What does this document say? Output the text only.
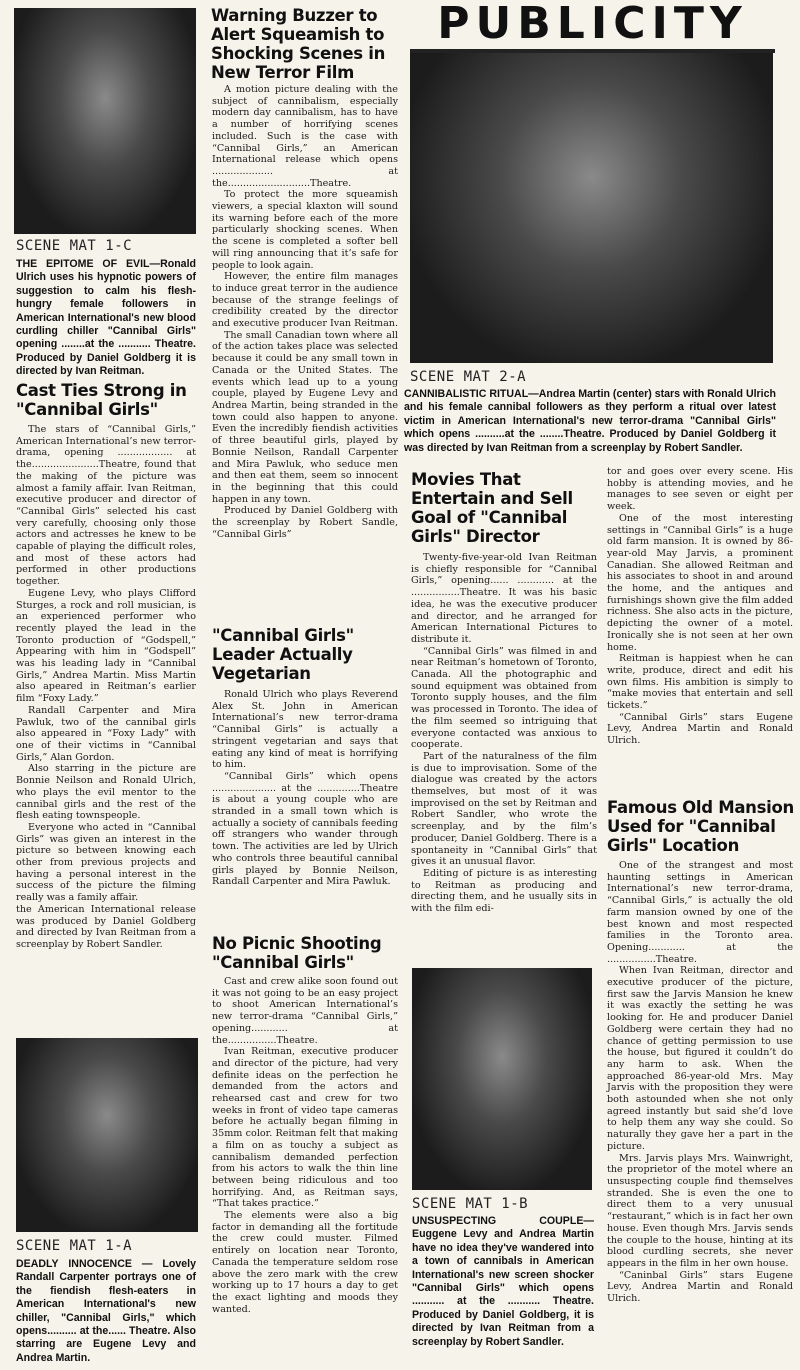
SCENE MAT 1-C
THE EPITOME OF EVIL—Ronald Ulrich uses his hypnotic powers of suggestion to calm his flesh-hungry female followers in American International's new blood curdling chiller "Cannibal Girls" opening ........at the ........... Theatre. Produced by Daniel Goldberg it is directed by Ivan Reitman.
Cast Ties Strong in "Cannibal Girls"

The stars of “Cannibal Girls,” American International’s new terror-drama, opening .................. at the......................Theatre, found that the making of the picture was almost a family affair. Ivan Reitman, executive producer and director of “Cannibal Girls” selected his cast very carefully, choosing only those actors and actresses he knew to be capable of playing the difficult roles, and most of these actors had performed in other productions together.

Eugene Levy, who plays Clifford Sturges, a rock and roll musician, is an experienced performer who recently played the lead in the Toronto production of “Godspell,” Appearing with him in “Godspell” was his leading lady in “Cannibal Girls,” Andrea Martin. Miss Martin also apeared in Reitman’s earlier film “Foxy Lady.”

Randall Carpenter and Mira Pawluk, two of the cannibal girls also appeared in “Foxy Lady” with one of their victims in “Cannibal Girls,” Alan Gordon.

Also starring in the picture are Bonnie Neilson and Ronald Ulrich, who plays the evil mentor to the cannibal girls and the rest of the flesh eating townspeople.

Everyone who acted in “Cannibal Girls” was given an interest in the picture so between knowing each other from previous projects and having a personal interest in the success of the picture the filming really was a family affair.

the American International release was produced by Daniel Goldberg and directed by Ivan Reitman from a screenplay by Robert Sandler.

SCENE MAT 1-A
DEADLY INNOCENCE — Lovely Randall Carpenter portrays one of the fiendish flesh-eaters in American International's new chiller, "Cannibal Girls," which opens.......... at the...... Theatre. Also starring are Eugene Levy and Andrea Martin.
Warning Buzzer to Alert Squeamish to Shocking Scenes in New Terror Film

A motion picture dealing with the subject of cannibalism, especially modern day cannibalism, has to have a number of horrifying scenes included. Such is the case with “Cannibal Girls,” an American International release which opens .................... at the...........................Theatre.

To protect the more squeamish viewers, a special klaxton will sound its warning before each of the more particularly shocking scenes. When the scene is completed a softer bell will ring announcing that it’s safe for people to look again.

However, the entire film manages to induce great terror in the audience because of the strange feelings of credibility created by the director and executive producer Ivan Reitman.

The small Canadian town where all of the action takes place was selected because it could be any small town in Canada or the United States. The events which lead up to a young couple, played by Eugene Levy and Andrea Martin, being stranded in the town could also happen to anyone. Even the incredibly fiendish activities of three beautiful girls, played by Bonnie Neilson, Randall Carpenter and Mira Pawluk, who seduce men and then eat them, seem so innocent in the beginning that this could happen in any town.

Produced by Daniel Goldberg with the screenplay by Robert Sandle, “Cannibal Girls”

"Cannibal Girls" Leader Actually Vegetarian

Ronald Ulrich who plays Reverend Alex St. John in American International’s new terror-drama “Cannibal Girls” is actually a stringent vegetarian and says that eating any kind of meat is horrifying to him.

“Cannibal Girls” which opens ..................... at the ..............Theatre is about a young couple who are stranded in a small town which is actually a society of cannibals feeding off strangers who wander through town. The activities are led by Ulrich who controls three beautiful cannibal girls played by Bonnie Neilson, Randall Carpenter and Mira Pawluk.

No Picnic Shooting "Cannibal Girls"

Cast and crew alike soon found out it was not going to be an easy project to shoot American International’s new terror-drama “Cannibal Girls,” opening............ at the................Theatre.

Ivan Reitman, executive producer and director of the picture, had very definite ideas on the perfection he demanded from the actors and rehearsed cast and crew for two weeks in front of video tape cameras before he actually began filming in 35mm color. Reitman felt that making a film on as touchy a subject as cannibalism demanded perfection from his actors to walk the thin line between being ridiculous and too horrifying. And, as Reitman says, “That takes practice.”

The elements were also a big factor in demanding all the fortitude the crew could muster. Filmed entirely on location near Toronto, Canada the temperature seldom rose above the zero mark with the crew working up to 17 hours a day to get the exact lighting and moods they wanted.

PUBLICITY
SCENE MAT 2-A
CANNIBALISTIC RITUAL—Andrea Martin (center) stars with Ronald Ulrich and his female cannibal followers as they perform a ritual over latest victim in American International's new terror-drama "Cannibal Girls" which opens ..........at the ........Theatre. Produced by Daniel Goldberg it was directed by Ivan Reitman from a screenplay by Robert Sandler.
Movies That Entertain and Sell Goal of "Cannibal Girls" Director

Twenty-five-year-old Ivan Reitman is chiefly responsible for “Cannibal Girls,” opening...... ............ at the ................Theatre. It was his basic idea, he was the executive producer and director, and he arranged for American International Pictures to distribute it.

“Cannibal Girls” was filmed in and near Reitman’s hometown of Toronto, Canada. All the photographic and sound equipment was obtained from Toronto supply houses, and the film was processed in Toronto. The idea of the film seemed so intriguing that everyone contacted was anxious to cooperate.

Part of the naturalness of the film is due to improvisation. Some of the dialogue was created by the actors themselves, but most of it was improvised on the set by Reitman and Robert Sandler, who wrote the screenplay, and by the film’s producer, Daniel Goldberg. There is a spontaneity in “Cannibal Girls” that gives it an unusual flavor.

Editing of picture is as interesting to Reitman as producing and directing them, and he usually sits in with the film edi-

SCENE MAT 1-B
UNSUSPECTING COUPLE—Euggene Levy and Andrea Martin have no idea they've wandered into a town of cannibals in American International's new screen shocker "Cannibal Girls" which opens ........... at the ........... Theatre. Produced by Daniel Goldberg, it is directed by Ivan Reitman from a screenplay by Robert Sandler.

tor and goes over every scene. His hobby is attending movies, and he manages to see seven or eight per week.

One of the most interesting settings in “Cannibal Girls” is a huge old farm mansion. It is owned by 86-year-old May Jarvis, a prominent Canadian. She allowed Reitman and his associates to shoot in and around the home, and the antiques and furnishings shown give the film added richness. She also acts in the picture, depicting the owner of a motel. Ironically she is not seen at her own home.

Reitman is happiest when he can write, produce, direct and edit his own films. His ambition is simply to “make movies that entertain and sell tickets.”

“Cannibal Girls” stars Eugene Levy, Andrea Martin and Ronald Ulrich.

Famous Old Mansion Used for "Cannibal Girls" Location

One of the strangest and most haunting settings in American International’s new terror-drama, “Cannibal Girls,” is actually the old farm mansion owned by one of the best known and most respected families in the Toronto area. Opening............ at the ................Theatre.

When Ivan Reitman, director and executive producer of the picture, first saw the Jarvis Mansion he knew it was exactly the setting he was looking for. He and producer Daniel Goldberg were certain they had no chance of getting permission to use the house, but figured it couldn’t do any harm to ask. When the approached 86-year-old Mrs. May Jarvis with the proposition they were both astounded when she not only agreed instantly but said she’d love to help them any way she could. So naturally they gave her a part in the picture.

Mrs. Jarvis plays Mrs. Wainwright, the proprietor of the motel where an unsuspecting couple find themselves stranded. She is even the one to direct them to a very unusual “restaurant,” which is in fact her own house. Even though Mrs. Jarvis sends the couple to the house, hinting at its blood curdling secrets, she never appears in the film in her own house.

“Caninbal Girls” stars Eugene Levy, Andrea Martin and Ronald Ulrich.
